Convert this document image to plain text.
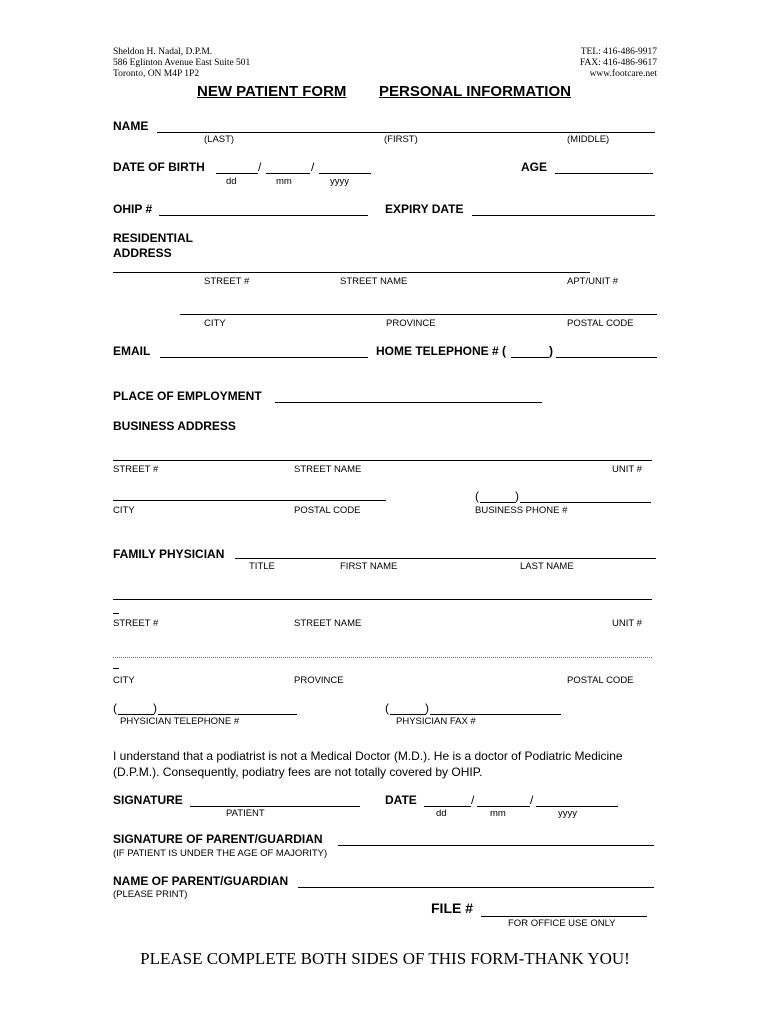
Sheldon H. Nadal, D.P.M.
586 Eglinton Avenue East Suite 501
Toronto, ON M4P 1P2
TEL: 416-486-9917
FAX: 416-486-9617
www.footcare.net
NEW PATIENT FORM PERSONAL INFORMATION
NAME
(LAST)	(FIRST)	(MIDDLE)
DATE OF BIRTH	/	/
dd	mm	yyyy
AGE
OHIP #	EXPIRY DATE
RESIDENTIAL
ADDRESS
STREET #	STREET NAME	APT/UNIT #
CITY	PROVINCE	POSTAL CODE
EMAIL	HOME TELEPHONE # (	)
PLACE OF EMPLOYMENT
BUSINESS ADDRESS
STREET #	STREET NAME	UNIT #
(	)
CITY	POSTAL CODE	BUSINESS PHONE #
FAMILY PHYSICIAN
TITLE	FIRST NAME	LAST NAME
STREET #	STREET NAME	UNIT #
CITY	PROVINCE	POSTAL CODE
(	)
PHYSICIAN TELEPHONE #
(	)
PHYSICIAN FAX #
I understand that a podiatrist is not a Medical Doctor (M.D.). He is a doctor of Podiatric Medicine
(D.P.M.). Consequently, podiatry fees are not totally covered by OHIP.
SIGNATURE
PATIENT
DATE	/	/
dd	mm	yyyy
SIGNATURE OF PARENT/GUARDIAN
(IF PATIENT IS UNDER THE AGE OF MAJORITY)
NAME OF PARENT/GUARDIAN
(PLEASE PRINT)
FILE #
FOR OFFICE USE ONLY
PLEASE COMPLETE BOTH SIDES OF THIS FORM-THANK YOU!
